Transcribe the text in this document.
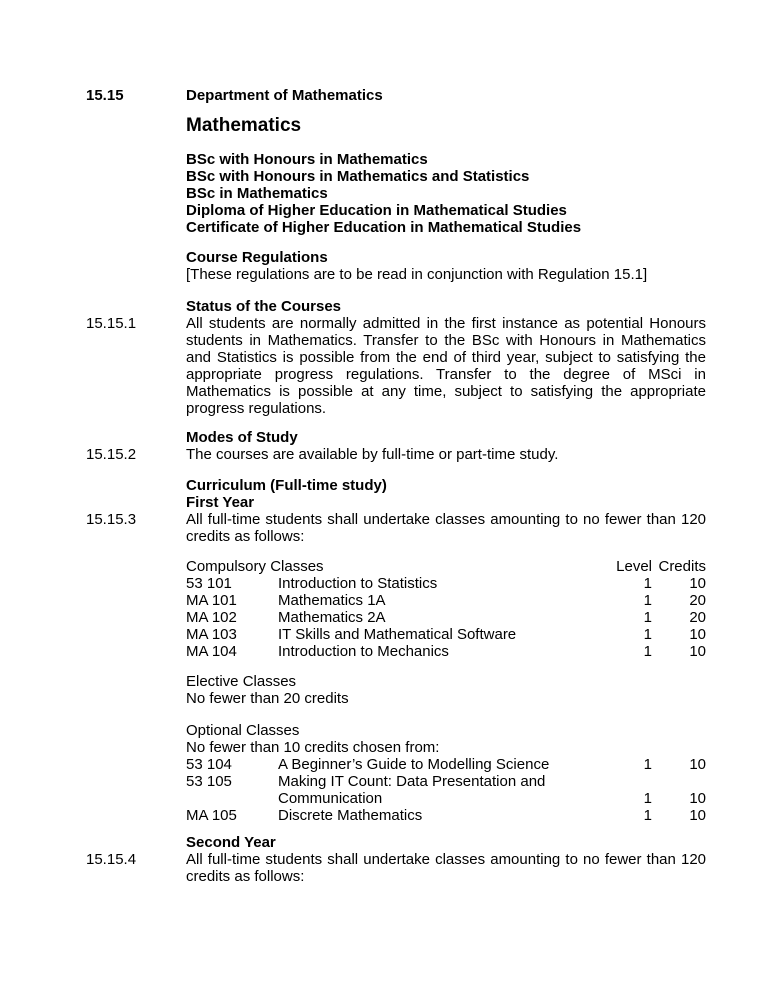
15.15	Department of Mathematics
Mathematics
BSc with Honours in Mathematics
BSc with Honours in Mathematics and Statistics
BSc in Mathematics
Diploma of Higher Education in Mathematical Studies
Certificate of Higher Education in Mathematical Studies
Course Regulations
[These regulations are to be read in conjunction with Regulation 15.1]
15.15.1
Status of the Courses
All students are normally admitted in the first instance as potential Honours students in Mathematics. Transfer to the BSc with Honours in Mathematics and Statistics is possible from the end of third year, subject to satisfying the appropriate progress regulations. Transfer to the degree of MSci in Mathematics is possible at any time, subject to satisfying the appropriate progress regulations.
15.15.2
Modes of Study
The courses are available by full-time or part-time study.
15.15.3
Curriculum (Full-time study)
First Year
All full-time students shall undertake classes amounting to no fewer than 120 credits as follows:
Compulsory Classes	Level Credits
53 101	Introduction to Statistics	1	10
MA 101	Mathematics 1A	1	20
MA 102	Mathematics 2A	1	20
MA 103	IT Skills and Mathematical Software	1	10
MA 104	Introduction to Mechanics	1	10
Elective Classes
No fewer than 20 credits
Optional Classes
No fewer than 10 credits chosen from:
53 104	A Beginner’s Guide to Modelling Science	1	10
53 105	Making IT Count: Data Presentation and
Communication	1	10
MA 105	Discrete Mathematics	1	10
15.15.4
Second Year
All full-time students shall undertake classes amounting to no fewer than 120 credits as follows:
